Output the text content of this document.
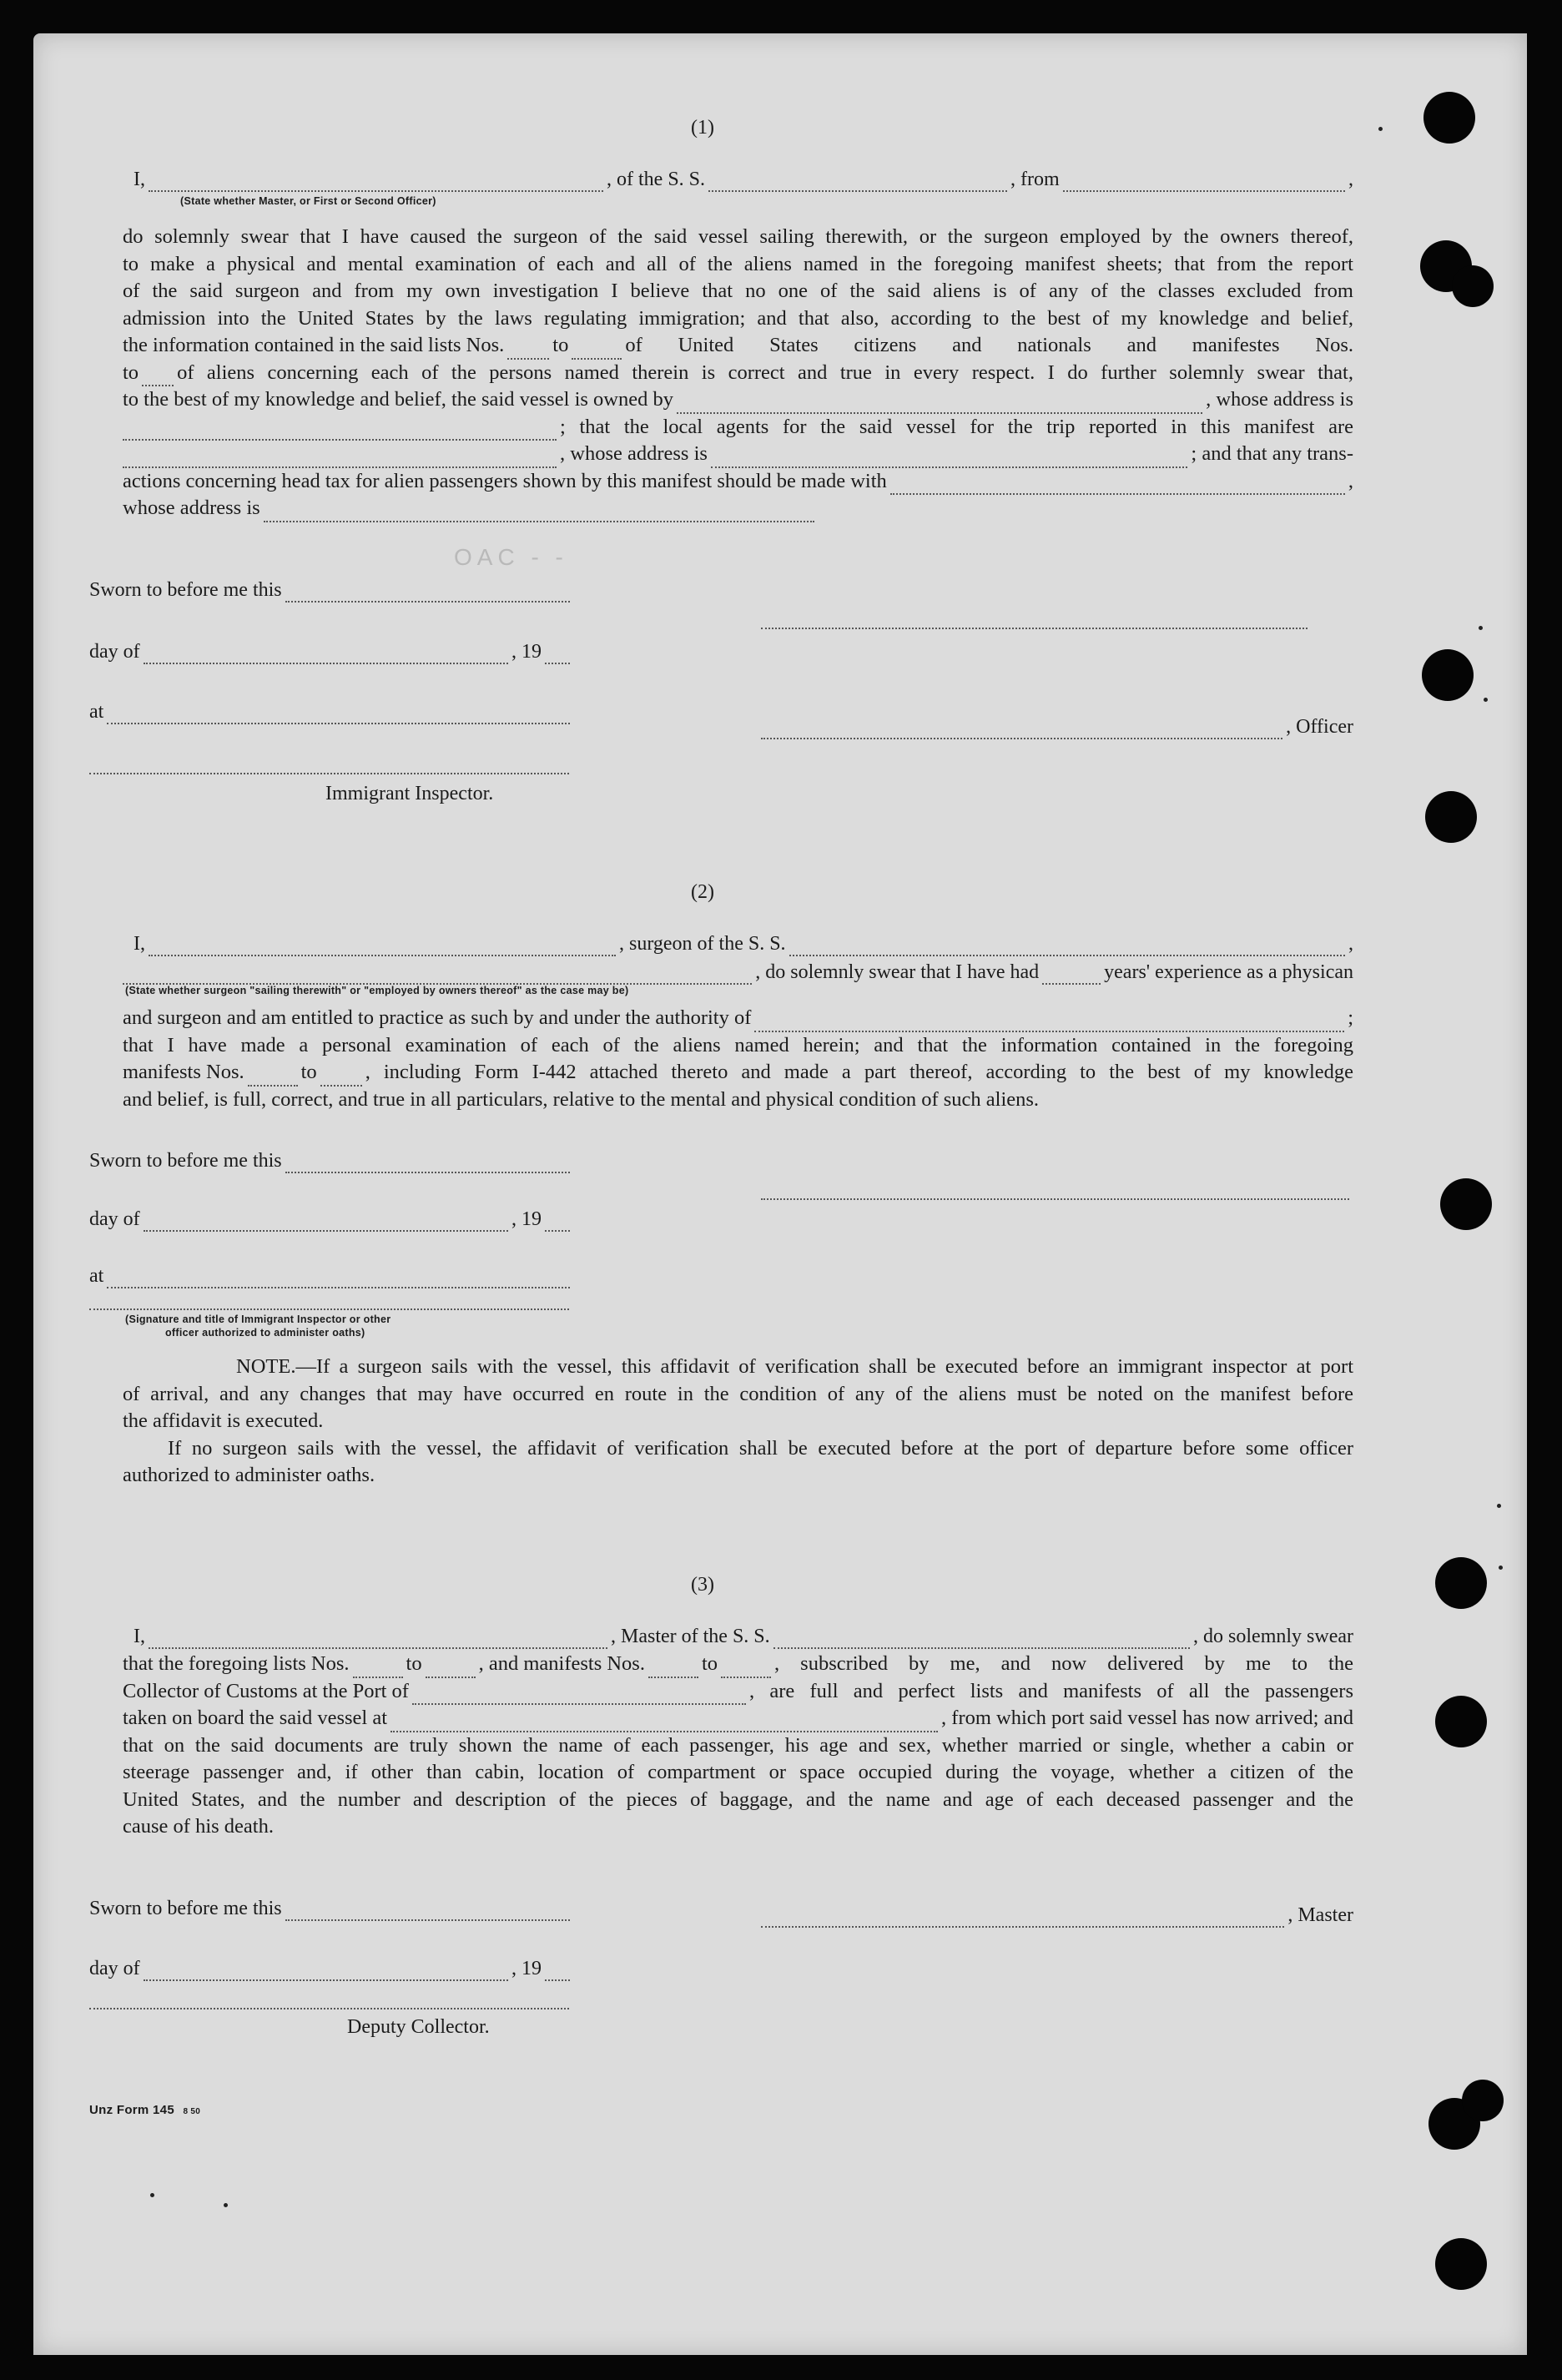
(1)
I,	, of the S. S.	, from	,
(State whether Master, or First or Second Officer)
do solemnly swear that I have caused the surgeon of the said vessel sailing therewith, or the surgeon employed by the owners thereof,
to make a physical and mental examination of each and all of the aliens named in the foregoing manifest sheets; that from the report
of the said surgeon and from my own investigation I believe that no one of the said aliens is of any of the classes excluded from
admission into the United States by the laws regulating immigration; and that also, according to the best of my knowledge and belief,
the information contained in the said lists Nos. to	of United States citizens and nationals and manifestes Nos.
to of aliens concerning each of the persons named therein is correct and true in every respect. I do further solemnly swear that,
to the best of my knowledge and belief, the said vessel is owned by	, whose address is
; that the local agents for the said vessel for the trip reported in this manifest are
, whose address is	; and that any trans-
actions concerning head tax for alien passengers shown by this manifest should be made with	,
whose address is
OAC - -
Sworn to before me this
day of	, 19
at
, Officer
Immigrant Inspector.
(2)
I,	, surgeon of the S. S.	,
, do solemnly swear that I have had	years' experience as a physican
(State whether surgeon "sailing therewith" or "employed by owners thereof" as the case may be)
and surgeon and am entitled to practice as such by and under the authority of	;
that I have made a personal examination of each of the aliens named herein; and that the information contained in the foregoing
manifests Nos.	to , including Form I-442 attached thereto and made a part thereof, according to the best of my knowledge
and belief, is full, correct, and true in all particulars, relative to the mental and physical condition of such aliens.
Sworn to before me this
day of	, 19
at
(Signature and title of Immigrant Inspector or other
officer authorized to administer oaths)
NOTE.—If a surgeon sails with the vessel, this affidavit of verification shall be executed before an immigrant inspector at port
of arrival, and any changes that may have occurred en route in the condition of any of the aliens must be noted on the manifest before
the affidavit is executed.
If no surgeon sails with the vessel, the affidavit of verification shall be executed before at the port of departure before some officer
authorized to administer oaths.
(3)
I,	, Master of the S. S.	, do solemnly swear
that the foregoing lists Nos.	to	, and manifests Nos.	to	, subscribed by me, and now delivered by me to the
Collector of Customs at the Port of	, are full and perfect lists and manifests of all the passengers
taken on board the said vessel at	, from which port said vessel has now arrived; and
that on the said documents are truly shown the name of each passenger, his age and sex, whether married or single, whether a cabin or
steerage passenger and, if other than cabin, location of compartment or space occupied during the voyage, whether a citizen of the
United States, and the number and description of the pieces of baggage, and the name and age of each deceased passenger and the
cause of his death.
Sworn to before me this	, Master
day of	, 19
Deputy Collector.
Unz Form 145 8 50
